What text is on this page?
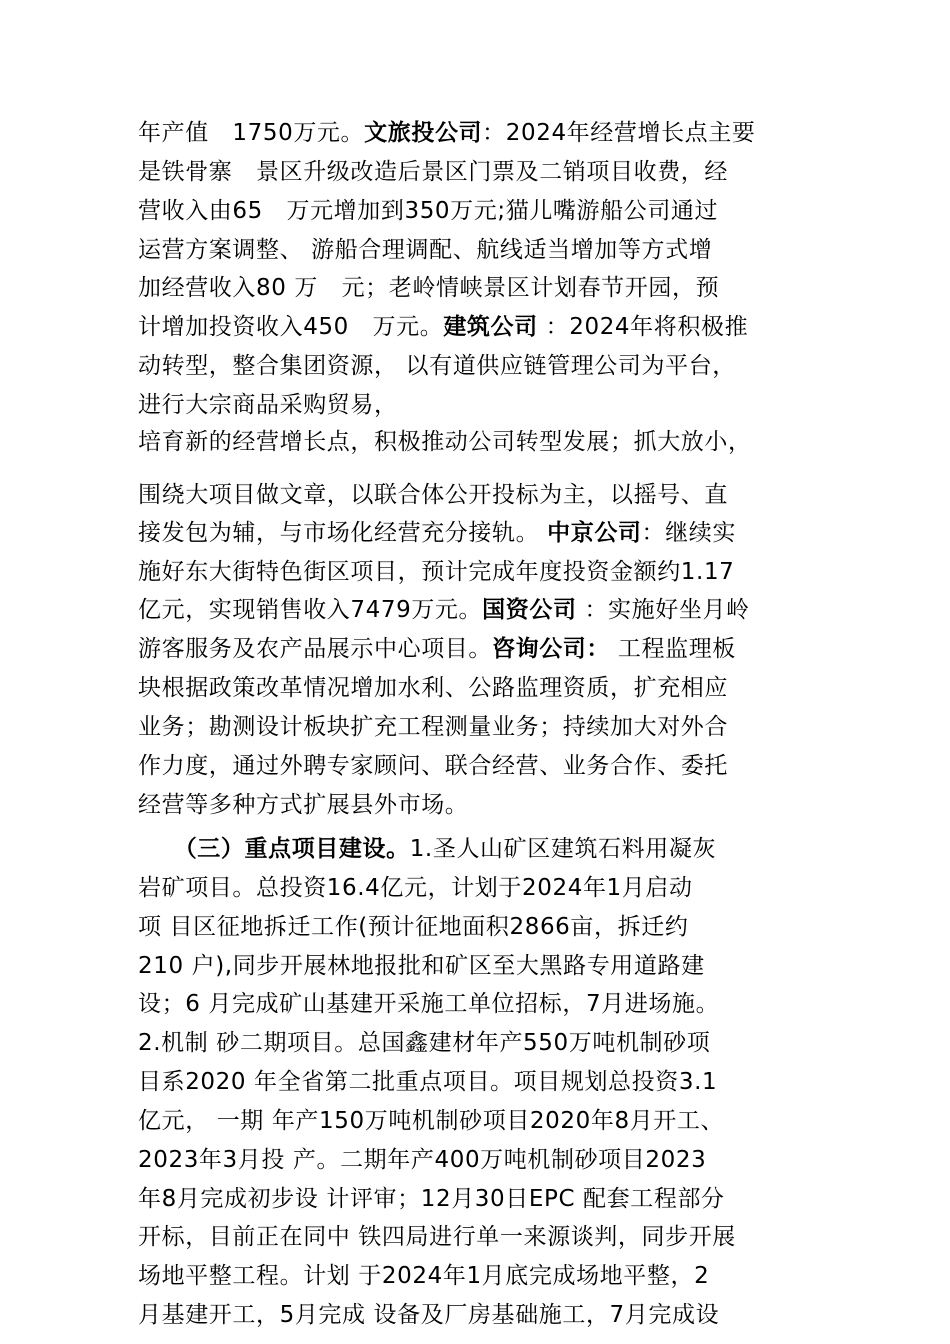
年产值　1750万元。文旅投公司：2024年经营增长点主要
是铁骨寨　景区升级改造后景区门票及二销项目收费，经
营收入由65　万元增加到350万元;猫儿嘴游船公司通过
运营方案调整、 游船合理调配、航线适当增加等方式增
加经营收入80 万　元；老岭情峡景区计划春节开园，预
计增加投资收入450　万元。建筑公司 ：2024年将积极推
动转型，整合集团资源， 以有道供应链管理公司为平台，
进行大宗商品采购贸易，
培育新的经营增长点，积极推动公司转型发展；抓大放小，
围绕大项目做文章，以联合体公开投标为主，以摇号、直
接发包为辅，与市场化经营充分接轨。 中京公司：继续实
施好东大街特色街区项目，预计完成年度投资金额约1.17
亿元，实现销售收入7479万元。国资公司 ：实施好坐月岭
游客服务及农产品展示中心项目。咨询公司： 工程监理板
块根据政策改革情况增加水利、公路监理资质，扩充相应
业务；勘测设计板块扩充工程测量业务；持续加大对外合
作力度，通过外聘专家顾问、联合经营、业务合作、委托
经营等多种方式扩展县外市场。
　　（三）重点项目建设。1.圣人山矿区建筑石料用凝灰
岩矿项目。总投资16.4亿元，计划于2024年1月启动
项 目区征地拆迁工作(预计征地面积2866亩，拆迁约
210 户),同步开展林地报批和矿区至大黑路专用道路建
设；6 月完成矿山基建开采施工单位招标，7月进场施。
2.机制 砂二期项目。总国鑫建材年产550万吨机制砂项
目系2020 年全省第二批重点项目。项目规划总投资3.1
亿元， 一期 年产150万吨机制砂项目2020年8月开工、
2023年3月投 产。二期年产400万吨机制砂项目2023
年8月完成初步设 计评审；12月30日EPC 配套工程部分
开标，目前正在同中 铁四局进行单一来源谈判，同步开展
场地平整工程。计划 于2024年1月底完成场地平整，2
月基建开工，5月完成 设备及厂房基础施工，7月完成设
